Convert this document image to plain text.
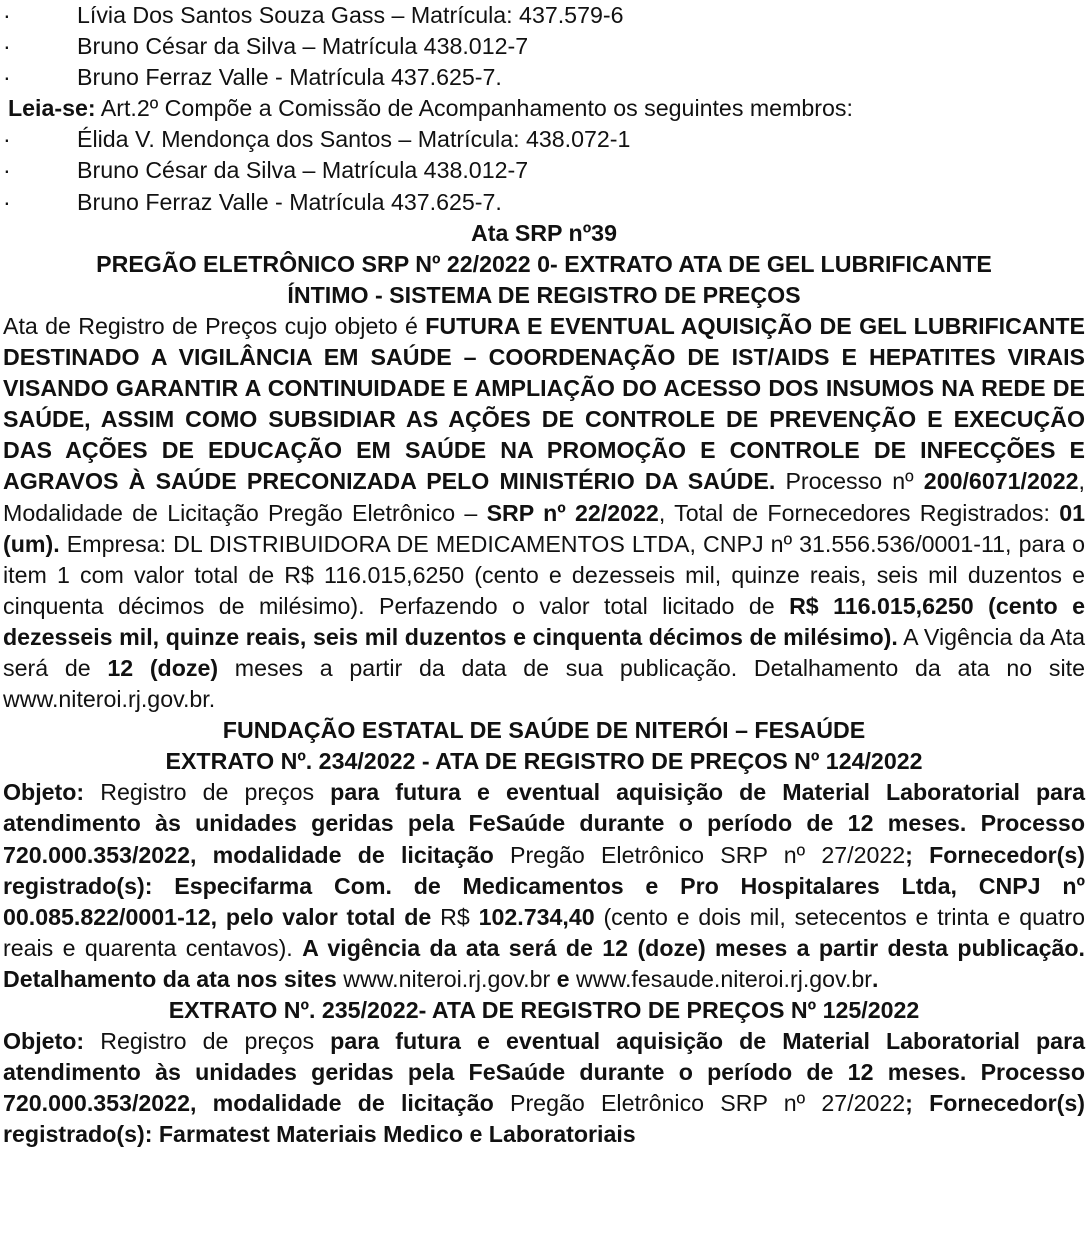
·	Lívia Dos Santos Souza Gass – Matrícula: 437.579-6
·	Bruno César da Silva – Matrícula 438.012-7
·	Bruno Ferraz Valle - Matrícula 437.625-7.
Leia-se: Art.2º Compõe a Comissão de Acompanhamento os seguintes membros:
·	Élida V. Mendonça dos Santos – Matrícula: 438.072-1
·	Bruno César da Silva – Matrícula 438.012-7
·	Bruno Ferraz Valle - Matrícula 437.625-7.
Ata SRP nº39
PREGÃO ELETRÔNICO SRP Nº 22/2022 0- EXTRATO ATA DE GEL LUBRIFICANTE
ÍNTIMO - SISTEMA DE REGISTRO DE PREÇOS
Ata de Registro de Preços cujo objeto é FUTURA E EVENTUAL AQUISIÇÃO DE GEL LUBRIFICANTE DESTINADO A VIGILÂNCIA EM SAÚDE – COORDENAÇÃO DE IST/AIDS E HEPATITES VIRAIS VISANDO GARANTIR A CONTINUIDADE E AMPLIAÇÃO DO ACESSO DOS INSUMOS NA REDE DE SAÚDE, ASSIM COMO SUBSIDIAR AS AÇÕES DE CONTROLE DE PREVENÇÃO E EXECUÇÃO DAS AÇÕES DE EDUCAÇÃO EM SAÚDE NA PROMOÇÃO E CONTROLE DE INFECÇÕES E AGRAVOS À SAÚDE PRECONIZADA PELO MINISTÉRIO DA SAÚDE. Processo nº 200/6071/2022, Modalidade de Licitação Pregão Eletrônico – SRP nº 22/2022, Total de Fornecedores Registrados: 01 (um). Empresa: DL DISTRIBUIDORA DE MEDICAMENTOS LTDA, CNPJ nº 31.556.536/0001-11, para o item 1 com valor total de R$ 116.015,6250 (cento e dezesseis mil, quinze reais, seis mil duzentos e cinquenta décimos de milésimo). Perfazendo o valor total licitado de R$ 116.015,6250 (cento e dezesseis mil, quinze reais, seis mil duzentos e cinquenta décimos de milésimo). A Vigência da Ata será de 12 (doze) meses a partir da data de sua publicação. Detalhamento da ata no site www.niteroi.rj.gov.br.
FUNDAÇÃO ESTATAL DE SAÚDE DE NITERÓI – FESAÚDE
EXTRATO Nº. 234/2022 - ATA DE REGISTRO DE PREÇOS Nº 124/2022
Objeto: Registro de preços para futura e eventual aquisição de Material Laboratorial para atendimento às unidades geridas pela FeSaúde durante o período de 12 meses. Processo 720.000.353/2022, modalidade de licitação Pregão Eletrônico SRP nº 27/2022; Fornecedor(s) registrado(s): Especifarma Com. de Medicamentos e Pro Hospitalares Ltda, CNPJ nº 00.085.822/0001-12, pelo valor total de R$ 102.734,40 (cento e dois mil, setecentos e trinta e quatro reais e quarenta centavos). A vigência da ata será de 12 (doze) meses a partir desta publicação. Detalhamento da ata nos sites www.niteroi.rj.gov.br e www.fesaude.niteroi.rj.gov.br.
EXTRATO Nº. 235/2022- ATA DE REGISTRO DE PREÇOS Nº 125/2022
Objeto: Registro de preços para futura e eventual aquisição de Material Laboratorial para atendimento às unidades geridas pela FeSaúde durante o período de 12 meses. Processo 720.000.353/2022, modalidade de licitação Pregão Eletrônico SRP nº 27/2022; Fornecedor(s) registrado(s): Farmatest Materiais Medico e Laboratoriais
